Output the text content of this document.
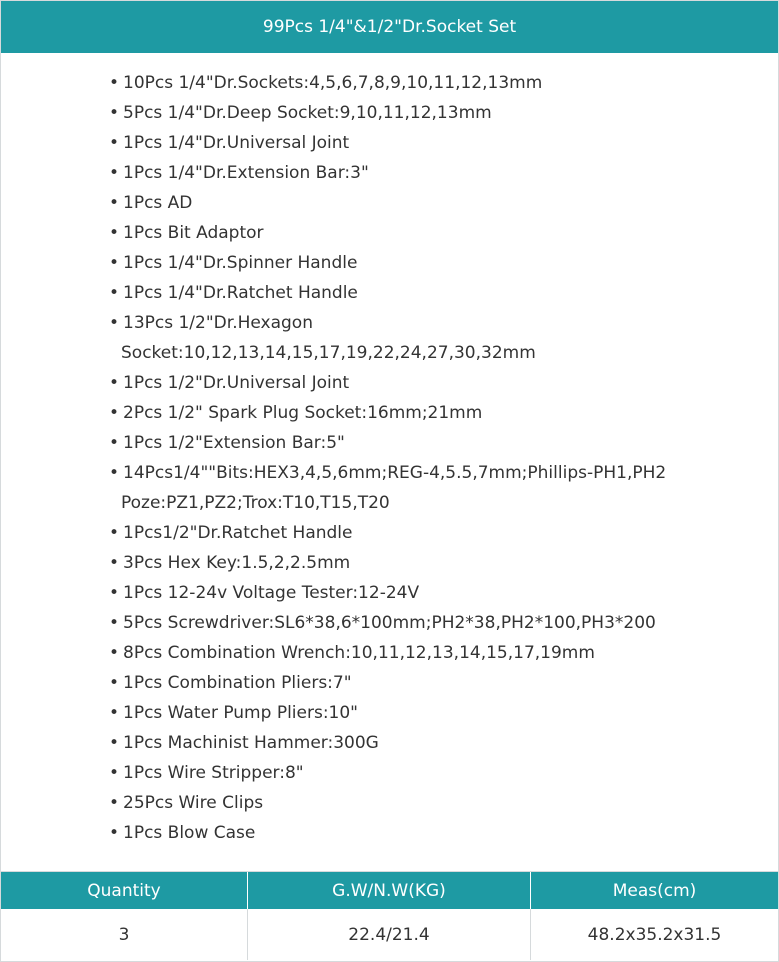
99Pcs 1/4"&1/2"Dr.Socket Set
• 10Pcs 1/4"Dr.Sockets:4,5,6,7,8,9,10,11,12,13mm
• 5Pcs 1/4"Dr.Deep Socket:9,10,11,12,13mm
• 1Pcs 1/4"Dr.Universal Joint
• 1Pcs 1/4"Dr.Extension Bar:3"
• 1Pcs AD
• 1Pcs Bit Adaptor
• 1Pcs 1/4"Dr.Spinner Handle
• 1Pcs 1/4"Dr.Ratchet Handle
• 13Pcs 1/2"Dr.Hexagon
Socket:10,12,13,14,15,17,19,22,24,27,30,32mm
• 1Pcs 1/2"Dr.Universal Joint
• 2Pcs 1/2" Spark Plug Socket:16mm;21mm
• 1Pcs 1/2"Extension Bar:5"
• 14Pcs1/4""Bits:HEX3,4,5,6mm;REG-4,5.5,7mm;Phillips-PH1,PH2
Poze:PZ1,PZ2;Trox:T10,T15,T20
• 1Pcs1/2"Dr.Ratchet Handle
• 3Pcs Hex Key:1.5,2,2.5mm
• 1Pcs 12-24v Voltage Tester:12-24V
• 5Pcs Screwdriver:SL6*38,6*100mm;PH2*38,PH2*100,PH3*200
• 8Pcs Combination Wrench:10,11,12,13,14,15,17,19mm
• 1Pcs Combination Pliers:7"
• 1Pcs Water Pump Pliers:10"
• 1Pcs Machinist Hammer:300G
• 1Pcs Wire Stripper:8"
• 25Pcs Wire Clips
• 1Pcs Blow Case
Quantity	G.W/N.W(KG)	Meas(cm)
3	22.4/21.4	48.2x35.2x31.5
